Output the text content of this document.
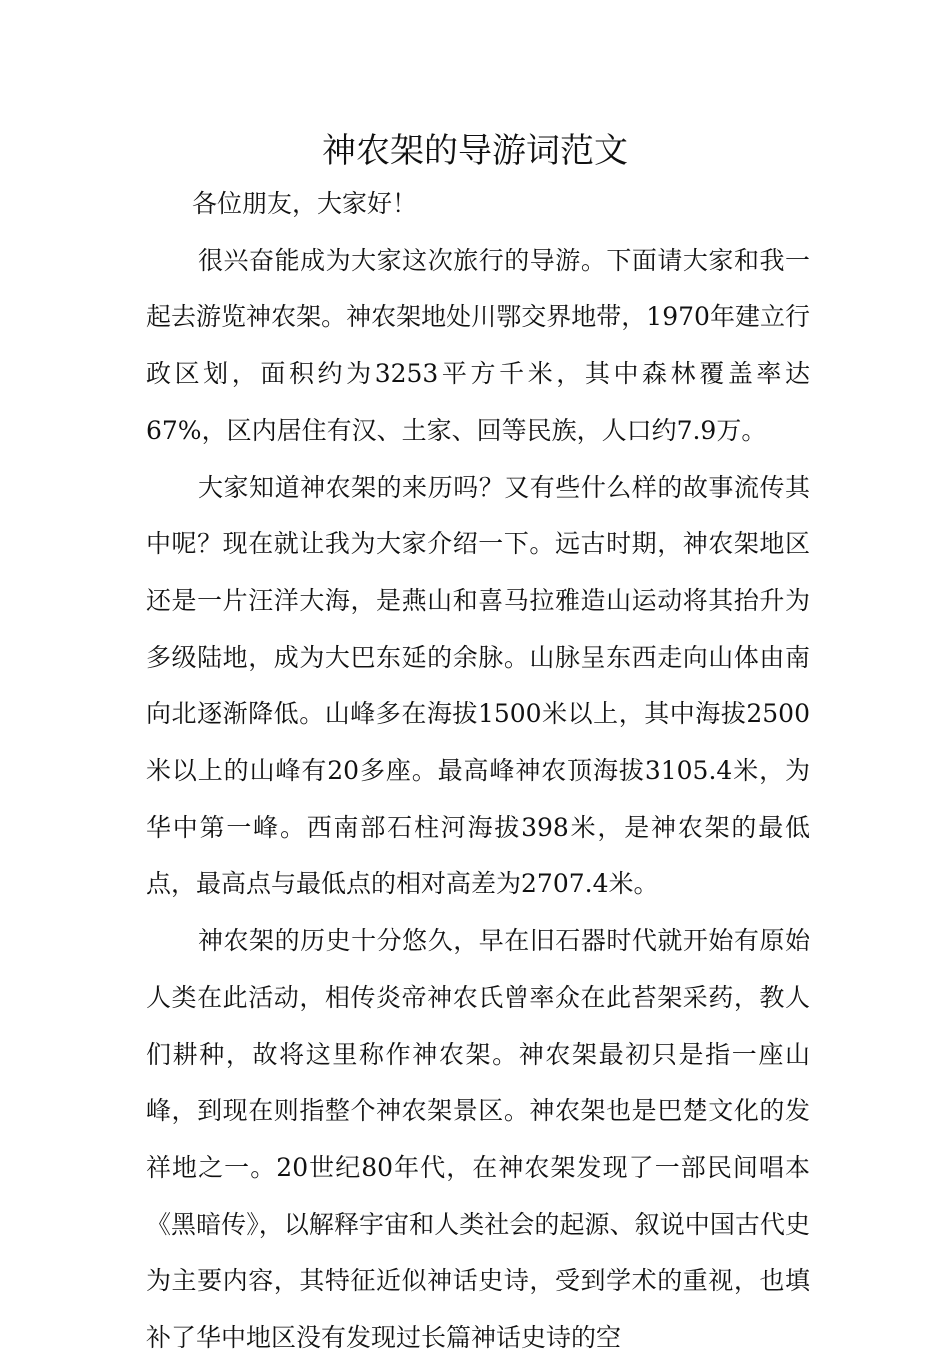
神农架的导游词范文

各位朋友，大家好！

很兴奋能成为大家这次旅行的导游。下面请大家和我一起去游览神农架。神农架地处川鄂交界地带，1970年建立行政区划，面积约为3253平方千米，其中森林覆盖率达67%，区内居住有汉、土家、回等民族，人口约7.9万。

大家知道神农架的来历吗？又有些什么样的故事流传其中呢？现在就让我为大家介绍一下。远古时期，神农架地区还是一片汪洋大海，是燕山和喜马拉雅造山运动将其抬升为多级陆地，成为大巴东延的余脉。山脉呈东西走向山体由南向北逐渐降低。山峰多在海拔1500米以上，其中海拔2500米以上的山峰有20多座。最高峰神农顶海拔3105.4米，为华中第一峰。西南部石柱河海拔398米，是神农架的最低点，最高点与最低点的相对高差为2707.4米。

神农架的历史十分悠久，早在旧石器时代就开始有原始人类在此活动，相传炎帝神农氏曾率众在此苔架采药，教人们耕种，故将这里称作神农架。神农架最初只是指一座山峰，到现在则指整个神农架景区。神农架也是巴楚文化的发祥地之一。20世纪80年代，在神农架发现了一部民间唱本《黑暗传》，以解释宇宙和人类社会的起源、叙说中国古代史为主要内容，其特征近似神话史诗，受到学术的重视，也填补了华中地区没有发现过长篇神话史诗的空
